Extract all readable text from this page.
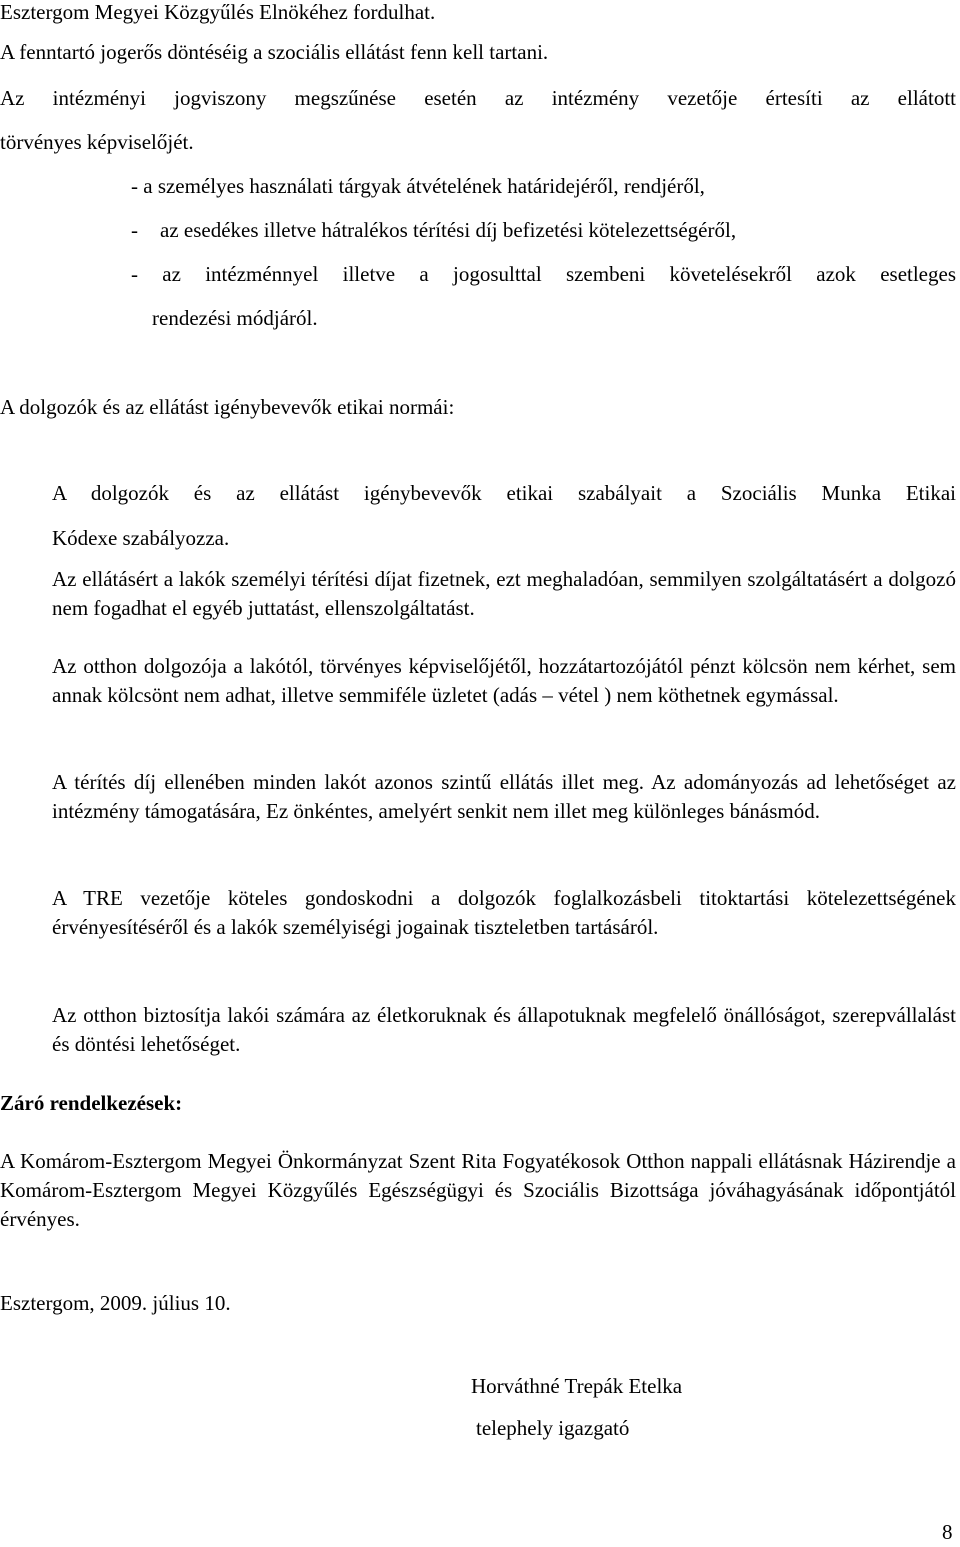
Esztergom Megyei Közgyűlés Elnökéhez fordulhat.

A fenntartó jogerős döntéséig a szociális ellátást fenn kell tartani.

Az intézményi jogviszony megszűnése esetén az intézmény vezetője értesíti az ellátott

törvényes képviselőjét.

- a személyes használati tárgyak átvételének határidejéről, rendjéről,

- az esedékes illetve hátralékos térítési díj befizetési kötelezettségéről,

- az intézménnyel illetve a jogosulttal szembeni követelésekről azok esetleges

rendezési módjáról.

A dolgozók és az ellátást igénybevevők etikai normái:

A dolgozók és az ellátást igénybevevők etikai szabályait a Szociális Munka Etikai

Kódexe szabályozza.

Az ellátásért a lakók személyi térítési díjat fizetnek, ezt meghaladóan, semmilyen szolgáltatásért a dolgozó nem fogadhat el egyéb juttatást, ellenszolgáltatást.

Az otthon dolgozója a lakótól, törvényes képviselőjétől, hozzátartozójától pénzt kölcsön nem kérhet, sem annak kölcsönt nem adhat, illetve semmiféle üzletet (adás – vétel ) nem köthetnek egymással.

A térítés díj ellenében minden lakót azonos szintű ellátás illet meg. Az adományozás ad lehetőséget az intézmény támogatására, Ez önkéntes, amelyért senkit nem illet meg különleges bánásmód.

A TRE vezetője köteles gondoskodni a dolgozók foglalkozásbeli titoktartási kötelezettségének érvényesítéséről és a lakók személyiségi jogainak tiszteletben tartásáról.

Az otthon biztosítja lakói számára az életkoruknak és állapotuknak megfelelő önállóságot, szerepvállalást és döntési lehetőséget.

Záró rendelkezések:

A Komárom-Esztergom Megyei Önkormányzat Szent Rita Fogyatékosok Otthon nappali ellátásnak Házirendje a Komárom-Esztergom Megyei Közgyűlés Egészségügyi és Szociális Bizottsága jóváhagyásának időpontjától érvényes.

Esztergom, 2009. július 10.

Horváthné Trepák Etelka

telephely igazgató

8
